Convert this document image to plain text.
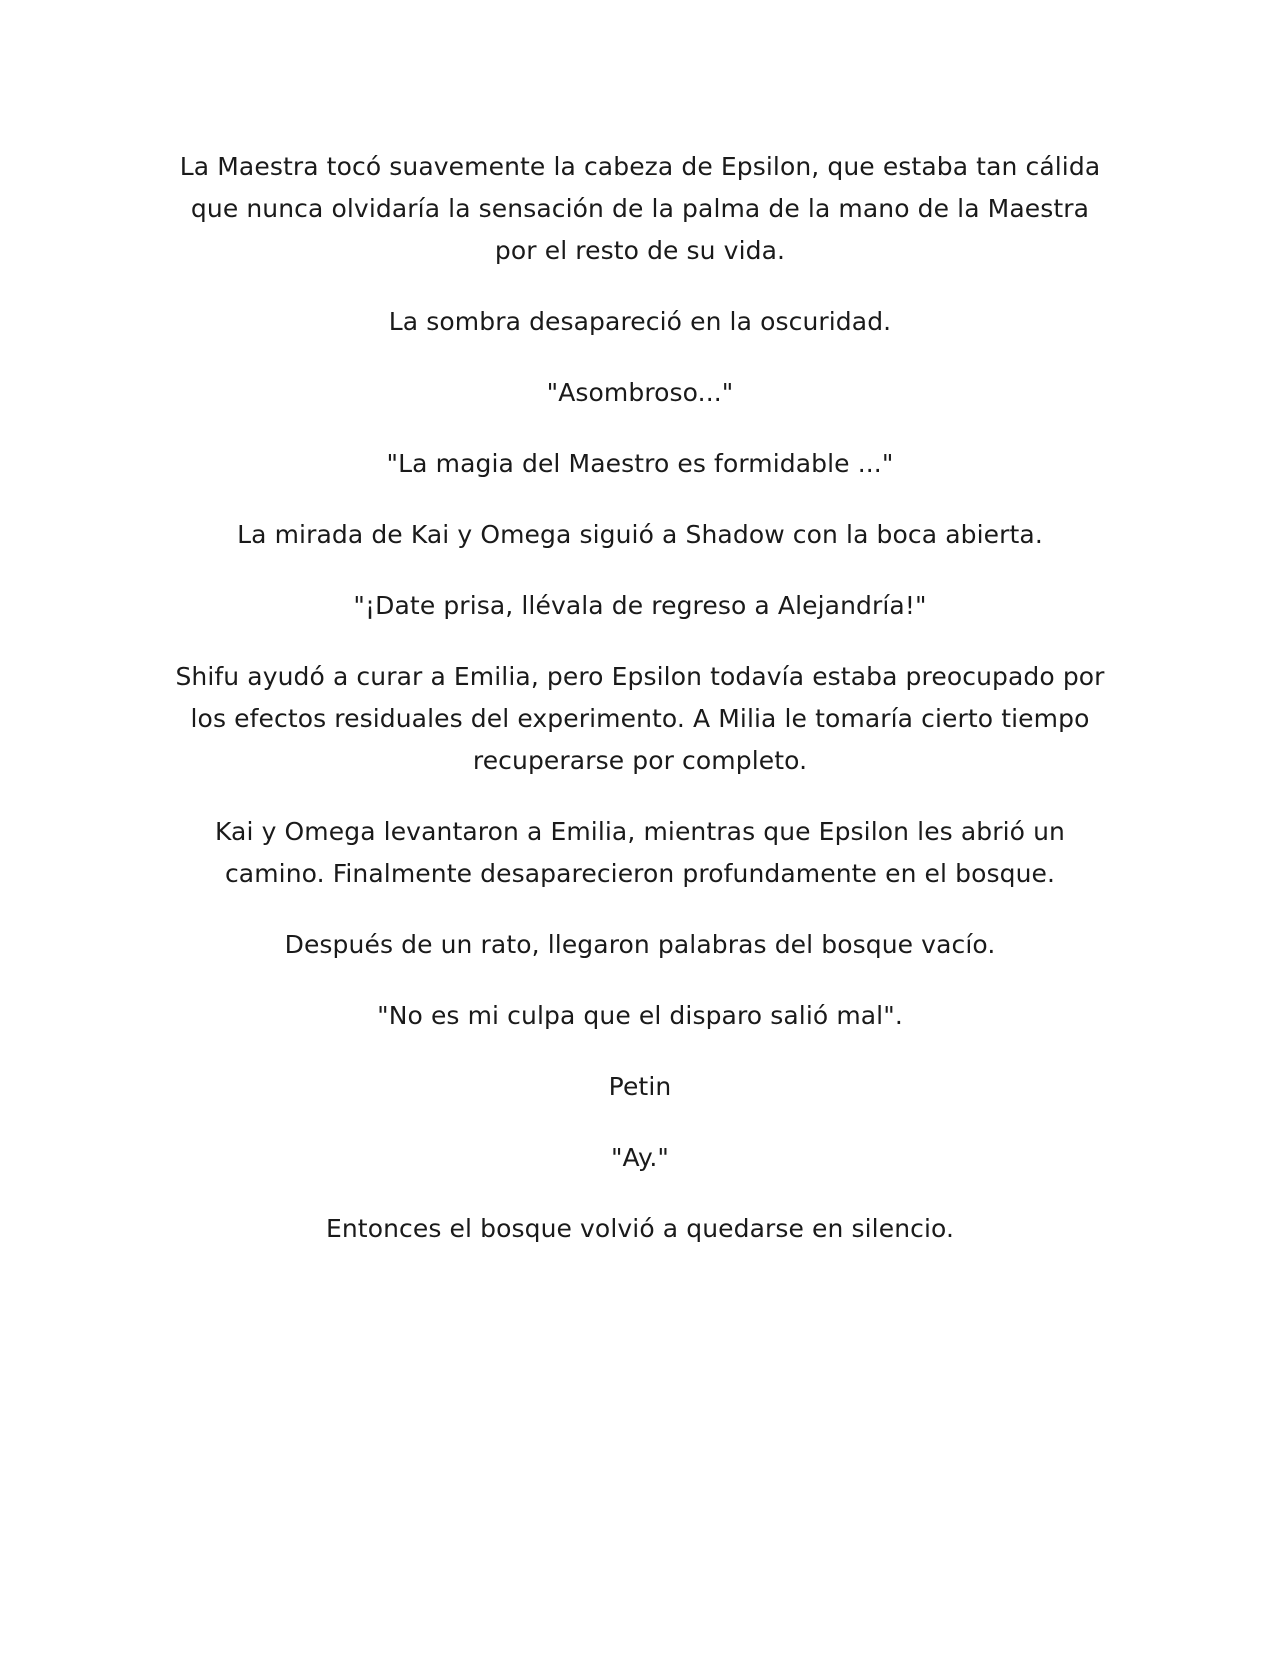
La Maestra tocó suavemente la cabeza de Epsilon, que estaba tan cálida que nunca olvidaría la sensación de la palma de la mano de la Maestra por el resto de su vida.

La sombra desapareció en la oscuridad.

"Asombroso..."

"La magia del Maestro es formidable ..."

La mirada de Kai y Omega siguió a Shadow con la boca abierta.

"¡Date prisa, llévala de regreso a Alejandría!"

Shifu ayudó a curar a Emilia, pero Epsilon todavía estaba preocupado por los efectos residuales del experimento. A Milia le tomaría cierto tiempo recuperarse por completo.

Kai y Omega levantaron a Emilia, mientras que Epsilon les abrió un camino. Finalmente desaparecieron profundamente en el bosque.

Después de un rato, llegaron palabras del bosque vacío.

"No es mi culpa que el disparo salió mal".

Petin

"Ay."

Entonces el bosque volvió a quedarse en silencio.
